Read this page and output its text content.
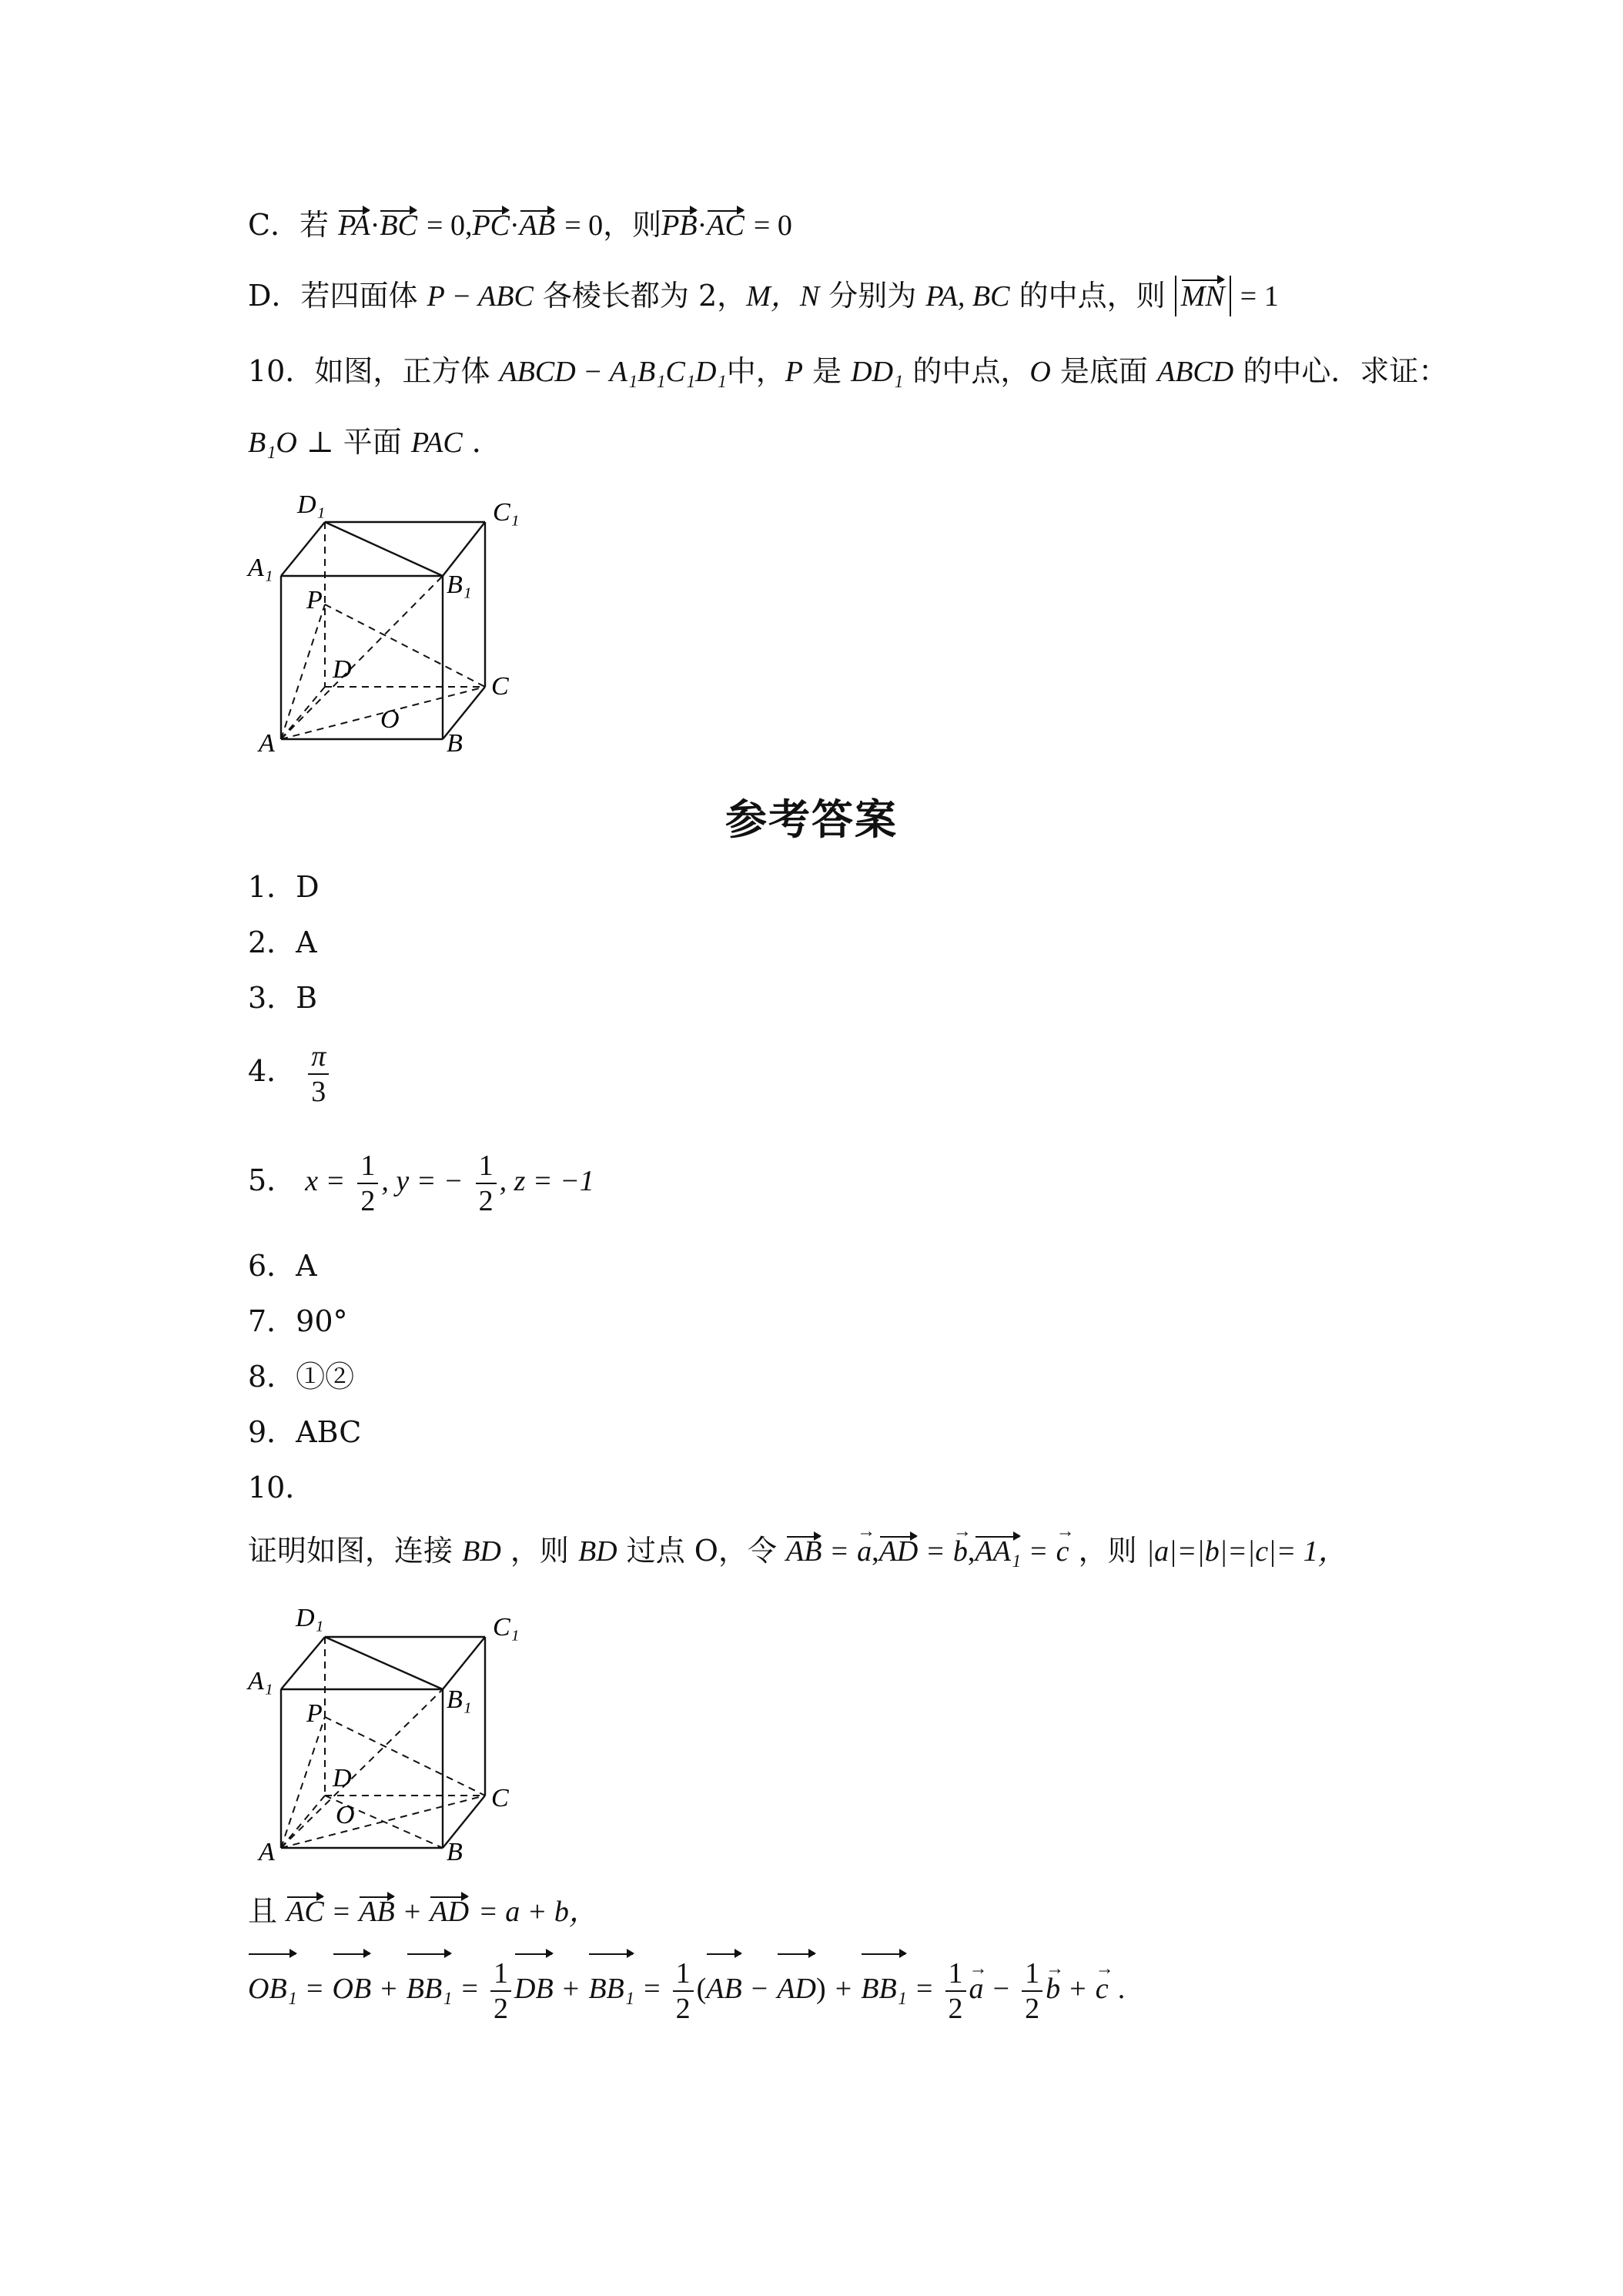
C．若 PA·BC = 0,PC·AB = 0，则PB·AC = 0
D．若四面体 P − ABC 各棱长都为 2，M，N 分别为 PA, BC 的中点，则 MN = 1
10．如图，正方体 ABCD − A₁B₁C₁D₁中，P 是 DD₁ 的中点，O 是底面 ABCD 的中心．求证：
B₁O ⊥ 平面 PAC ．
D₁	C₁
A₁
B₁
P
D
C
O
A	B
参考答案
1．D
2．A
3．B
4． $\frac{\pi}{3}$
5． $x = \frac{1}{2}$ , y = − $\frac{1}{2}$ , z = −1
6．A
7．90°
8．①②
9．ABC
10．
证明如图，连接 BD ，则 BD 过点 O，令 AB = a →,AD = b →,AA₁ = c → ，则 |a|=|b|=|c|= 1，
D₁	C₁
A₁
B₁
P
D
C
O
A	B
且 AC = AB + AD = a + b，
OB₁ = OB + $BB_1 = \frac{1}{2}$ DB + $BB_1 = \frac{1}{2} (AB - AD) + BB_1 = \frac{1}{2}$ a → − $\frac{1}{2}$ b → + c → .
